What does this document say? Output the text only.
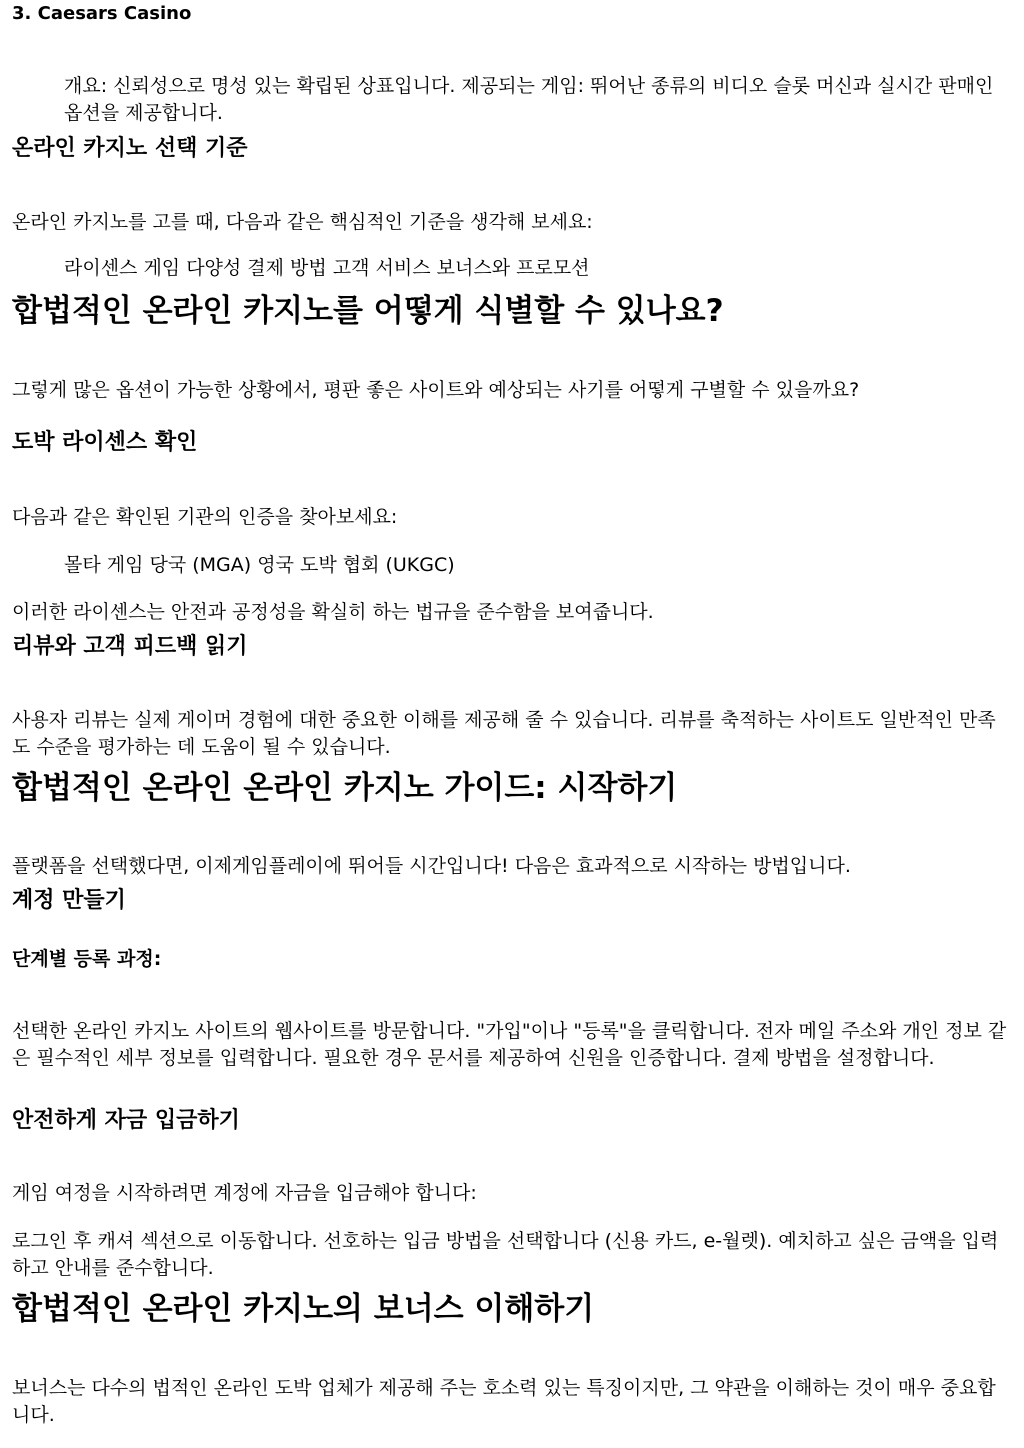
3. Caesars Casino

개요: 신뢰성으로 명성 있는 확립된 상표입니다. 제공되는 게임: 뛰어난 종류의 비디오 슬롯 머신과 실시간 판매인 옵션을 제공합니다.

온라인 카지노 선택 기준

온라인 카지노를 고를 때, 다음과 같은 핵심적인 기준을 생각해 보세요:

라이센스 게임 다양성 결제 방법 고객 서비스 보너스와 프로모션

합법적인 온라인 카지노를 어떻게 식별할 수 있나요?

그렇게 많은 옵션이 가능한 상황에서, 평판 좋은 사이트와 예상되는 사기를 어떻게 구별할 수 있을까요?

도박 라이센스 확인

다음과 같은 확인된 기관의 인증을 찾아보세요:

몰타 게임 당국 (MGA) 영국 도박 협회 (UKGC)

이러한 라이센스는 안전과 공정성을 확실히 하는 법규을 준수함을 보여줍니다.

리뷰와 고객 피드백 읽기

사용자 리뷰는 실제 게이머 경험에 대한 중요한 이해를 제공해 줄 수 있습니다. 리뷰를 축적하는 사이트도 일반적인 만족도 수준을 평가하는 데 도움이 될 수 있습니다.

합법적인 온라인 온라인 카지노 가이드: 시작하기

플랫폼을 선택했다면, 이제게임플레이에 뛰어들 시간입니다! 다음은 효과적으로 시작하는 방법입니다.

계정 만들기
단계별 등록 과정:

선택한 온라인 카지노 사이트의 웹사이트를 방문합니다. "가입"이나 "등록"을 클릭합니다. 전자 메일 주소와 개인 정보 같은 필수적인 세부 정보를 입력합니다. 필요한 경우 문서를 제공하여 신원을 인증합니다. 결제 방법을 설정합니다.

안전하게 자금 입금하기

게임 여정을 시작하려면 계정에 자금을 입금해야 합니다:

로그인 후 캐셔 섹션으로 이동합니다. 선호하는 입금 방법을 선택합니다 (신용 카드, e-월렛). 예치하고 싶은 금액을 입력하고 안내를 준수합니다.

합법적인 온라인 카지노의 보너스 이해하기

보너스는 다수의 법적인 온라인 도박 업체가 제공해 주는 호소력 있는 특징이지만, 그 약관을 이해하는 것이 매우 중요합니다.
